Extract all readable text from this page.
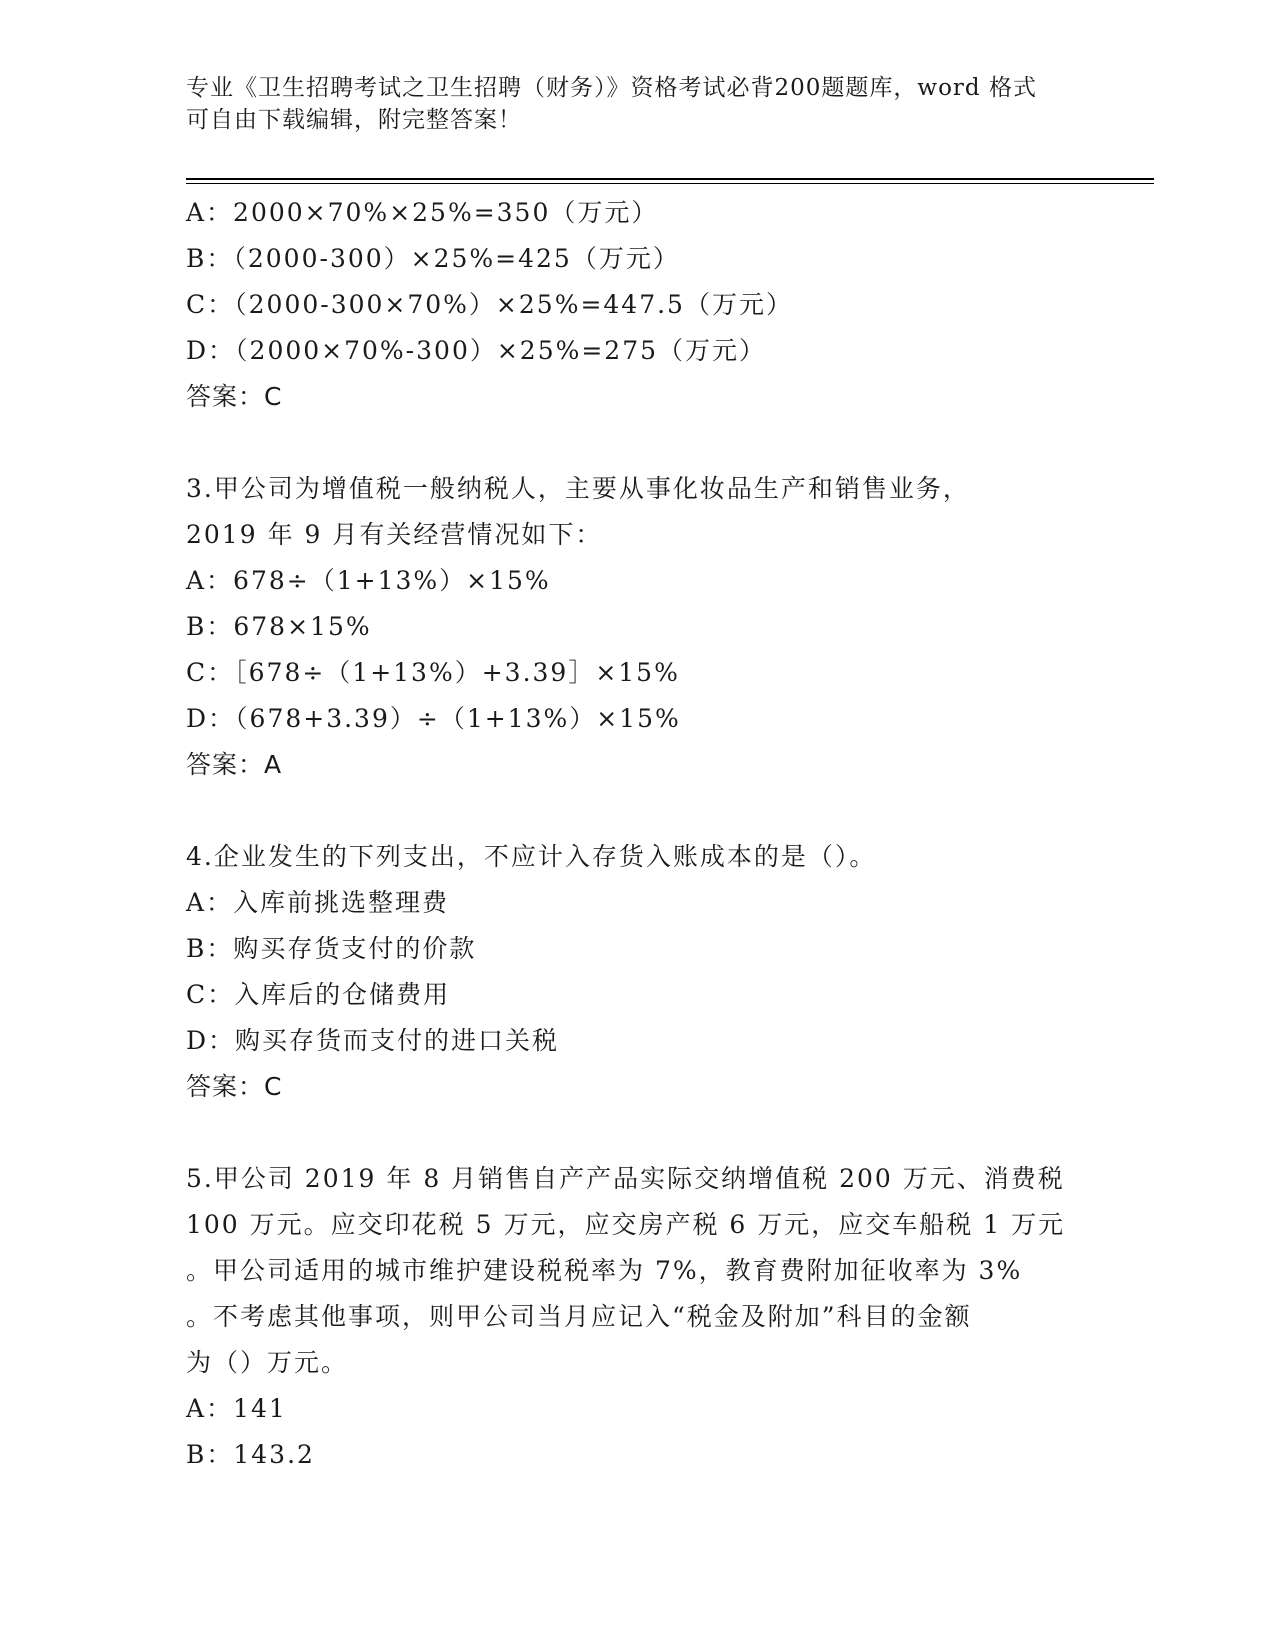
专业《卫生招聘考试之卫生招聘（财务）》资格考试必背200题题库，word 格式
可自由下载编辑，附完整答案！
A：2000×70%×25%=350（万元）
B：（2000-300）×25%=425（万元）
C：（2000-300×70%）×25%=447.5（万元）
D：（2000×70%-300）×25%=275（万元）
答案：C
3.甲公司为增值税一般纳税人，主要从事化妆品生产和销售业务，
2019 年 9 月有关经营情况如下：
A：678÷（1+13%）×15%
B：678×15%
C：［678÷（1+13%）+3.39］×15%
D：（678+3.39）÷（1+13%）×15%
答案：A
4.企业发生的下列支出，不应计入存货入账成本的是（）。
A：入库前挑选整理费
B：购买存货支付的价款
C：入库后的仓储费用
D：购买存货而支付的进口关税
答案：C
5.甲公司 2019 年 8 月销售自产产品实际交纳增值税 200 万元、消费税
100 万元。应交印花税 5 万元，应交房产税 6 万元，应交车船税 1 万元
。甲公司适用的城市维护建设税税率为 7%，教育费附加征收率为 3%
。不考虑其他事项，则甲公司当月应记入“税金及附加”科目的金额
为（）万元。
A：141
B：143.2
